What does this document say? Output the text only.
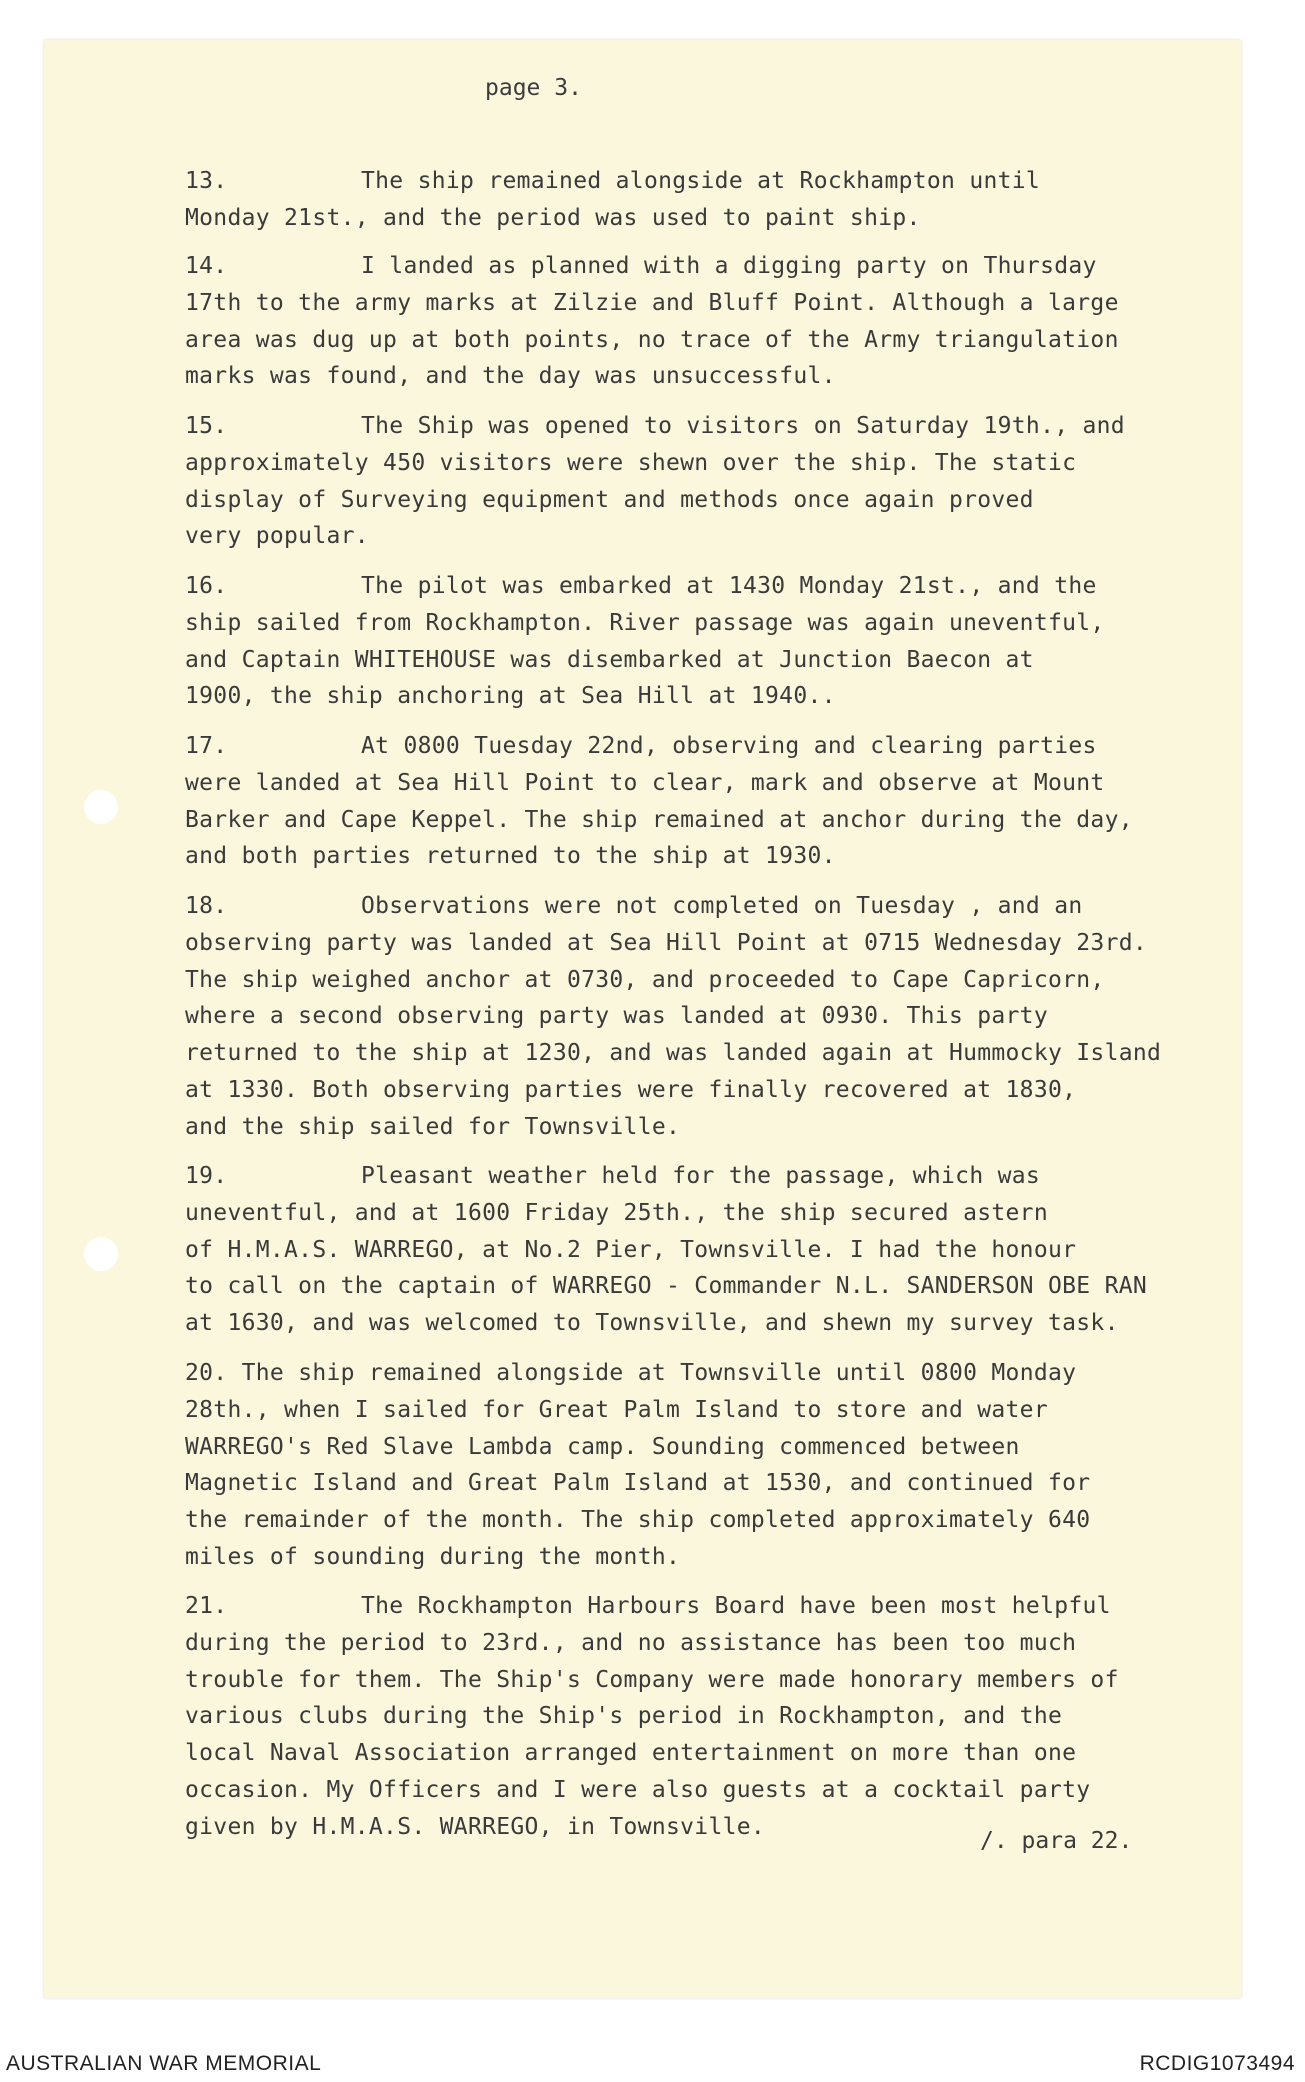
page 3.
13.	The ship remained alongside at Rockhampton until
Monday 21st., and the period was used to paint ship.
14.	I landed as planned with a digging party on Thursday
17th to the army marks at Zilzie and Bluff Point. Although a large
area was dug up at both points, no trace of the Army triangulation
marks was found, and the day was unsuccessful.
15.	The Ship was opened to visitors on Saturday 19th., and
approximately 450 visitors were shewn over the ship. The static
display of Surveying equipment and methods once again proved
very popular.
16.	The pilot was embarked at 1430 Monday 21st., and the
ship sailed from Rockhampton. River passage was again uneventful,
and Captain WHITEHOUSE was disembarked at Junction Baecon at
1900, the ship anchoring at Sea Hill at 1940..
17.	At 0800 Tuesday 22nd, observing and clearing parties
were landed at Sea Hill Point to clear, mark and observe at Mount
Barker and Cape Keppel. The ship remained at anchor during the day,
and both parties returned to the ship at 1930.
18.	Observations were not completed on Tuesday , and an
observing party was landed at Sea Hill Point at 0715 Wednesday 23rd.
The ship weighed anchor at 0730, and proceeded to Cape Capricorn,
where a second observing party was landed at 0930. This party
returned to the ship at 1230, and was landed again at Hummocky Island
at 1330. Both observing parties were finally recovered at 1830,
and the ship sailed for Townsville.
19.	Pleasant weather held for the passage, which was
uneventful, and at 1600 Friday 25th., the ship secured astern
of H.M.A.S. WARREGO, at No.2 Pier, Townsville. I had the honour
to call on the captain of WARREGO - Commander N.L. SANDERSON OBE RAN
at 1630, and was welcomed to Townsville, and shewn my survey task.
20. The ship remained alongside at Townsville until 0800 Monday
28th., when I sailed for Great Palm Island to store and water
WARREGO's Red Slave Lambda camp. Sounding commenced between
Magnetic Island and Great Palm Island at 1530, and continued for
the remainder of the month. The ship completed approximately 640
miles of sounding during the month.
21.	The Rockhampton Harbours Board have been most helpful
during the period to 23rd., and no assistance has been too much
trouble for them. The Ship's Company were made honorary members of
various clubs during the Ship's period in Rockhampton, and the
local Naval Association arranged entertainment on more than one
occasion. My Officers and I were also guests at a cocktail party
given by H.M.A.S. WARREGO, in Townsville.
/. para 22.
AUSTRALIAN WAR MEMORIAL	RCDIG1073494
